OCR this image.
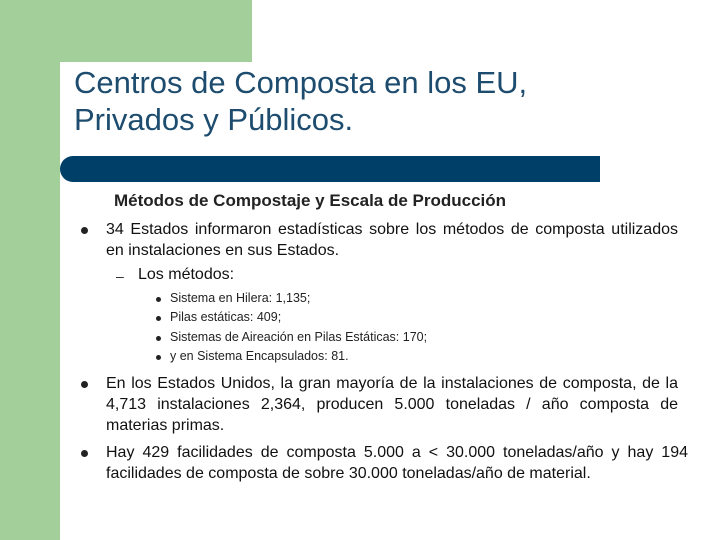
Centros de Composta en los EU,
Privados y Públicos.
Métodos de Compostaje y Escala de Producción
34 Estados informaron estadísticas sobre los métodos de composta utilizados en instalaciones en sus Estados.
– Los métodos:
Sistema en Hilera: 1,135;
Pilas estáticas: 409;
Sistemas de Aireación en Pilas Estáticas: 170;
y en Sistema Encapsulados: 81.
En los Estados Unidos, la gran mayoría de la instalaciones de composta, de la 4,713 instalaciones 2,364, producen 5.000 toneladas / año composta de materias primas.
Hay 429 facilidades de composta 5.000 a < 30.000 toneladas/año y hay 194 facilidades de composta de sobre 30.000 toneladas/año de material.
